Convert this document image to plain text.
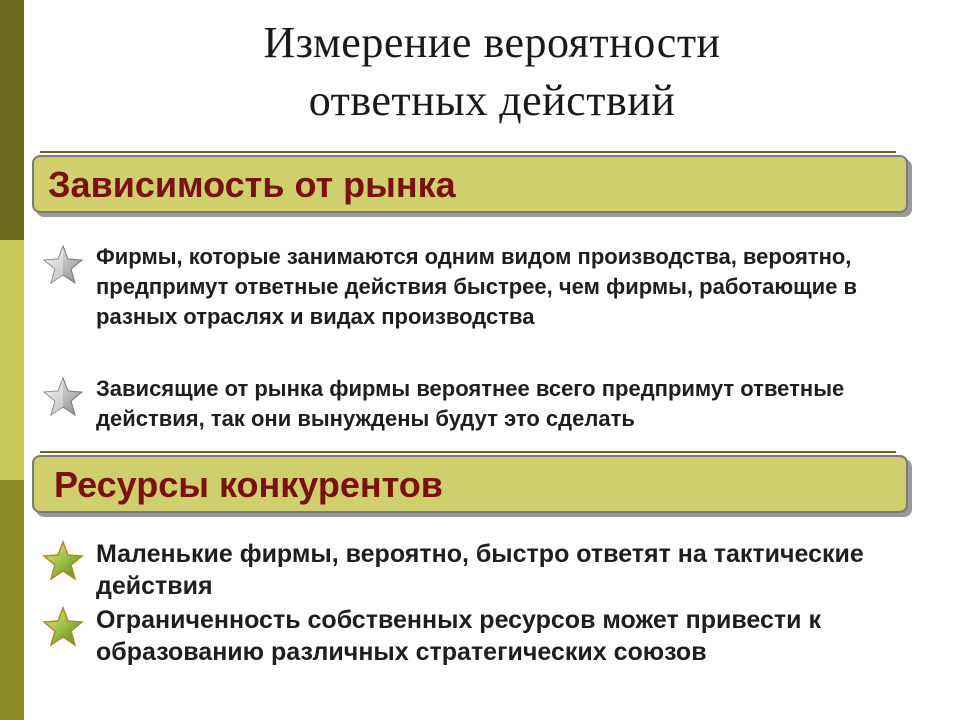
Измерение вероятности
ответных действий
Зависимость от рынка
Фирмы, которые занимаются одним видом производства, вероятно, предпримут ответные действия быстрее, чем фирмы, работающие в разных отраслях и видах производства
Зависящие от рынка фирмы вероятнее всего предпримут ответные действия, так они вынуждены будут это сделать
Ресурсы конкурентов
Маленькие фирмы, вероятно, быстро ответят на тактические действия
Ограниченность собственных ресурсов может привести к образованию различных стратегических союзов
